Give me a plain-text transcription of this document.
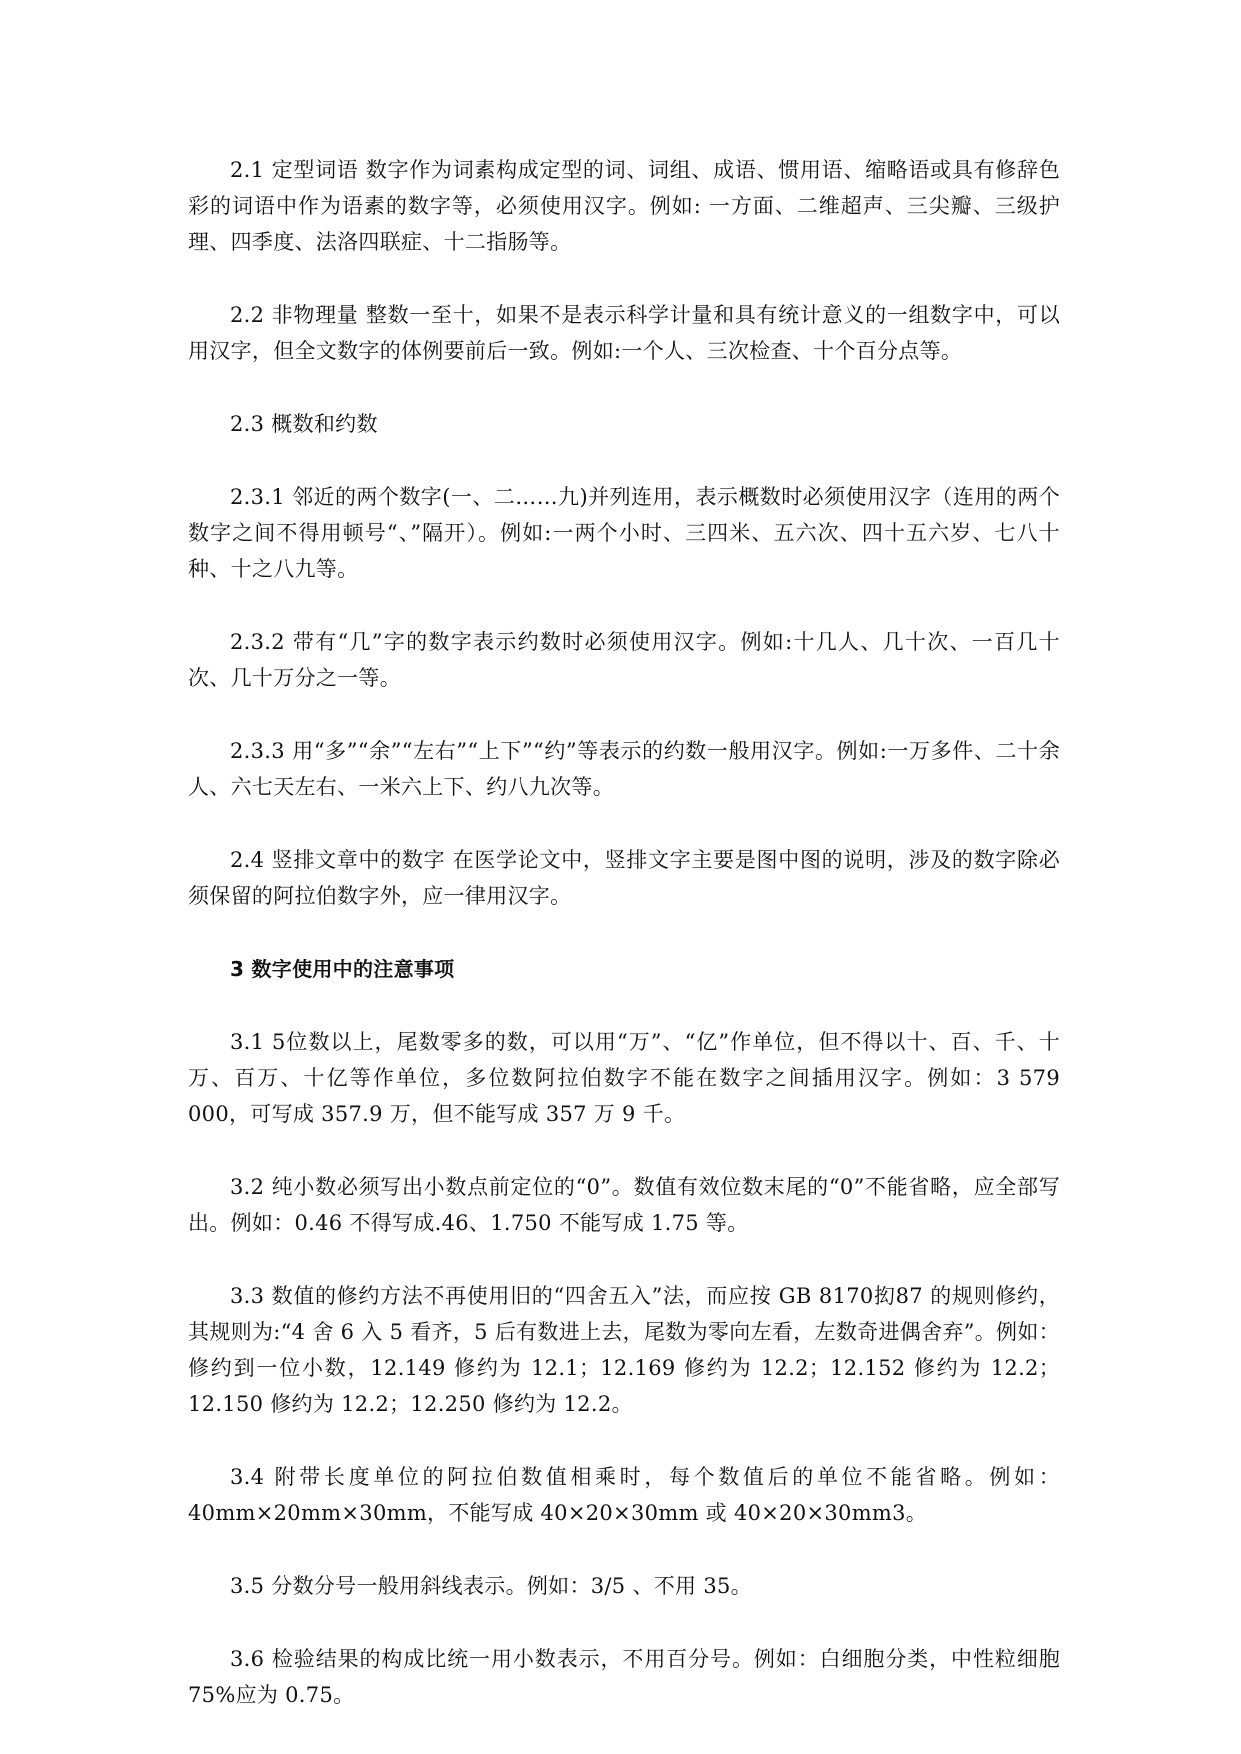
2.1 定型词语 数字作为词素构成定型的词、词组、成语、惯用语、缩略语或具有修辞色彩的词语中作为语素的数字等，必须使用汉字。例如: 一方面、二维超声、三尖瓣、三级护理、四季度、法洛四联症、十二指肠等。

2.2 非物理量 整数一至十，如果不是表示科学计量和具有统计意义的一组数字中，可以用汉字，但全文数字的体例要前后一致。例如:一个人、三次检查、十个百分点等。

2.3 概数和约数

2.3.1 邻近的两个数字(一、二……九)并列连用，表示概数时必须使用汉字（连用的两个数字之间不得用顿号“、”隔开）。例如:一两个小时、三四米、五六次、四十五六岁、七八十种、十之八九等。

2.3.2 带有“几”字的数字表示约数时必须使用汉字。例如:十几人、几十次、一百几十次、几十万分之一等。

2.3.3 用“多”“余”“左右”“上下”“约”等表示的约数一般用汉字。例如:一万多件、二十余人、六七天左右、一米六上下、约八九次等。

2.4 竖排文章中的数字 在医学论文中，竖排文字主要是图中图的说明，涉及的数字除必须保留的阿拉伯数字外，应一律用汉字。

3 数字使用中的注意事项

3.1 5位数以上，尾数零多的数，可以用“万”、“亿”作单位，但不得以十、百、千、十万、百万、十亿等作单位，多位数阿拉伯数字不能在数字之间插用汉字。例如：3 579 000，可写成 357.9 万，但不能写成 357 万 9 千。

3.2 纯小数必须写出小数点前定位的“0”。数值有效位数末尾的“0”不能省略，应全部写出。例如：0.46 不得写成.46、1.750 不能写成 1.75 等。

3.3 数值的修约方法不再使用旧的“四舍五入”法，而应按 GB 8170抝87 的规则修约，其规则为:“4 舍 6 入 5 看齐，5 后有数进上去，尾数为零向左看，左数奇进偶舍弃”。例如：修约到一位小数，12.149 修约为 12.1；12.169 修约为 12.2；12.152 修约为 12.2；12.150 修约为 12.2；12.250 修约为 12.2。

3.4 附带长度单位的阿拉伯数值相乘时，每个数值后的单位不能省略。例如：40mm×20mm×30mm，不能写成 40×20×30mm 或 40×20×30mm3。

3.5 分数分号一般用斜线表示。例如：3/5 、不用 35。

3.6 检验结果的构成比统一用小数表示，不用百分号。例如：白细胞分类，中性粒细胞 75%应为 0.75。
